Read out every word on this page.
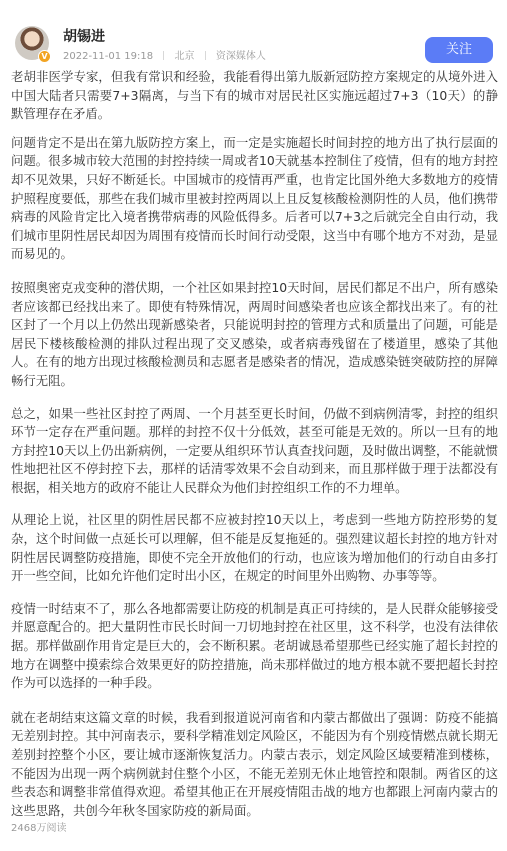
V
胡锡进
2022-11-01 19:18 北京 资深媒体人	关注

老胡非医学专家，但我有常识和经验，我能看得出第九版新冠防控方案规定的从境外进入中国大陆者只需要7+3隔离，与当下有的城市对居民社区实施远超过7+3（10天）的静默管理存在矛盾。

问题肯定不是出在第九版防控方案上，而一定是实施超长时间封控的地方出了执行层面的问题。很多城市较大范围的封控持续一周或者10天就基本控制住了疫情，但有的地方封控却不见效果，只好不断延长。中国城市的疫情再严重，也肯定比国外绝大多数地方的疫情护照程度要低，那些在我们城市里被封控两周以上且反复核酸检测阴性的人员，他们携带病毒的风险肯定比入境者携带病毒的风险低得多。后者可以7+3之后就完全自由行动，我们城市里阴性居民却因为周围有疫情而长时间行动受限，这当中有哪个地方不对劲，是显而易见的。

按照奥密克戎变种的潜伏期，一个社区如果封控10天时间，居民们都足不出户，所有感染者应该都已经找出来了。即使有特殊情况，两周时间感染者也应该全都找出来了。有的社区封了一个月以上仍然出现新感染者，只能说明封控的管理方式和质量出了问题，可能是居民下楼核酸检测的排队过程出现了交叉感染，或者病毒残留在了楼道里，感染了其他人。在有的地方出现过核酸检测员和志愿者是感染者的情况，造成感染链突破防控的屏障畅行无阻。

总之，如果一些社区封控了两周、一个月甚至更长时间，仍做不到病例清零，封控的组织环节一定存在严重问题。那样的封控不仅十分低效，甚至可能是无效的。所以一旦有的地方封控10天以上仍出新病例，一定要从组织环节认真查找问题，及时做出调整，不能就惯性地把社区不停封控下去，那样的话清零效果不会自动到来，而且那样做于理于法都没有根据，相关地方的政府不能让人民群众为他们封控组织工作的不力埋单。

从理论上说，社区里的阴性居民都不应被封控10天以上，考虑到一些地方防控形势的复杂，这个时间做一点延长可以理解，但不能是反复拖延的。强烈建议超长封控的地方针对阴性居民调整防疫措施，即使不完全开放他们的行动，也应该为增加他们的行动自由多打开一些空间，比如允许他们定时出小区，在规定的时间里外出购物、办事等等。

疫情一时结束不了，那么各地都需要让防疫的机制是真正可持续的，是人民群众能够接受并愿意配合的。把大量阴性市民长时间一刀切地封控在社区里，这不科学，也没有法律依据。那样做副作用肯定是巨大的，会不断积累。老胡诚恳希望那些已经实施了超长封控的地方在调整中摸索综合效果更好的防控措施，尚未那样做过的地方根本就不要把超长封控作为可以选择的一种手段。

就在老胡结束这篇文章的时候，我看到报道说河南省和内蒙古都做出了强调：防疫不能搞无差别封控。其中河南表示，要科学精准划定风险区，不能因为有个别疫情燃点就长期无差别封控整个小区，要让城市逐渐恢复活力。内蒙古表示，划定风险区域要精准到楼栋，不能因为出现一两个病例就封住整个小区，不能无差别无休止地管控和限制。两省区的这些表态和调整非常值得欢迎。希望其他正在开展疫情阻击战的地方也都跟上河南内蒙古的这些思路，共创今年秋冬国家防疫的新局面。

2468万阅读
